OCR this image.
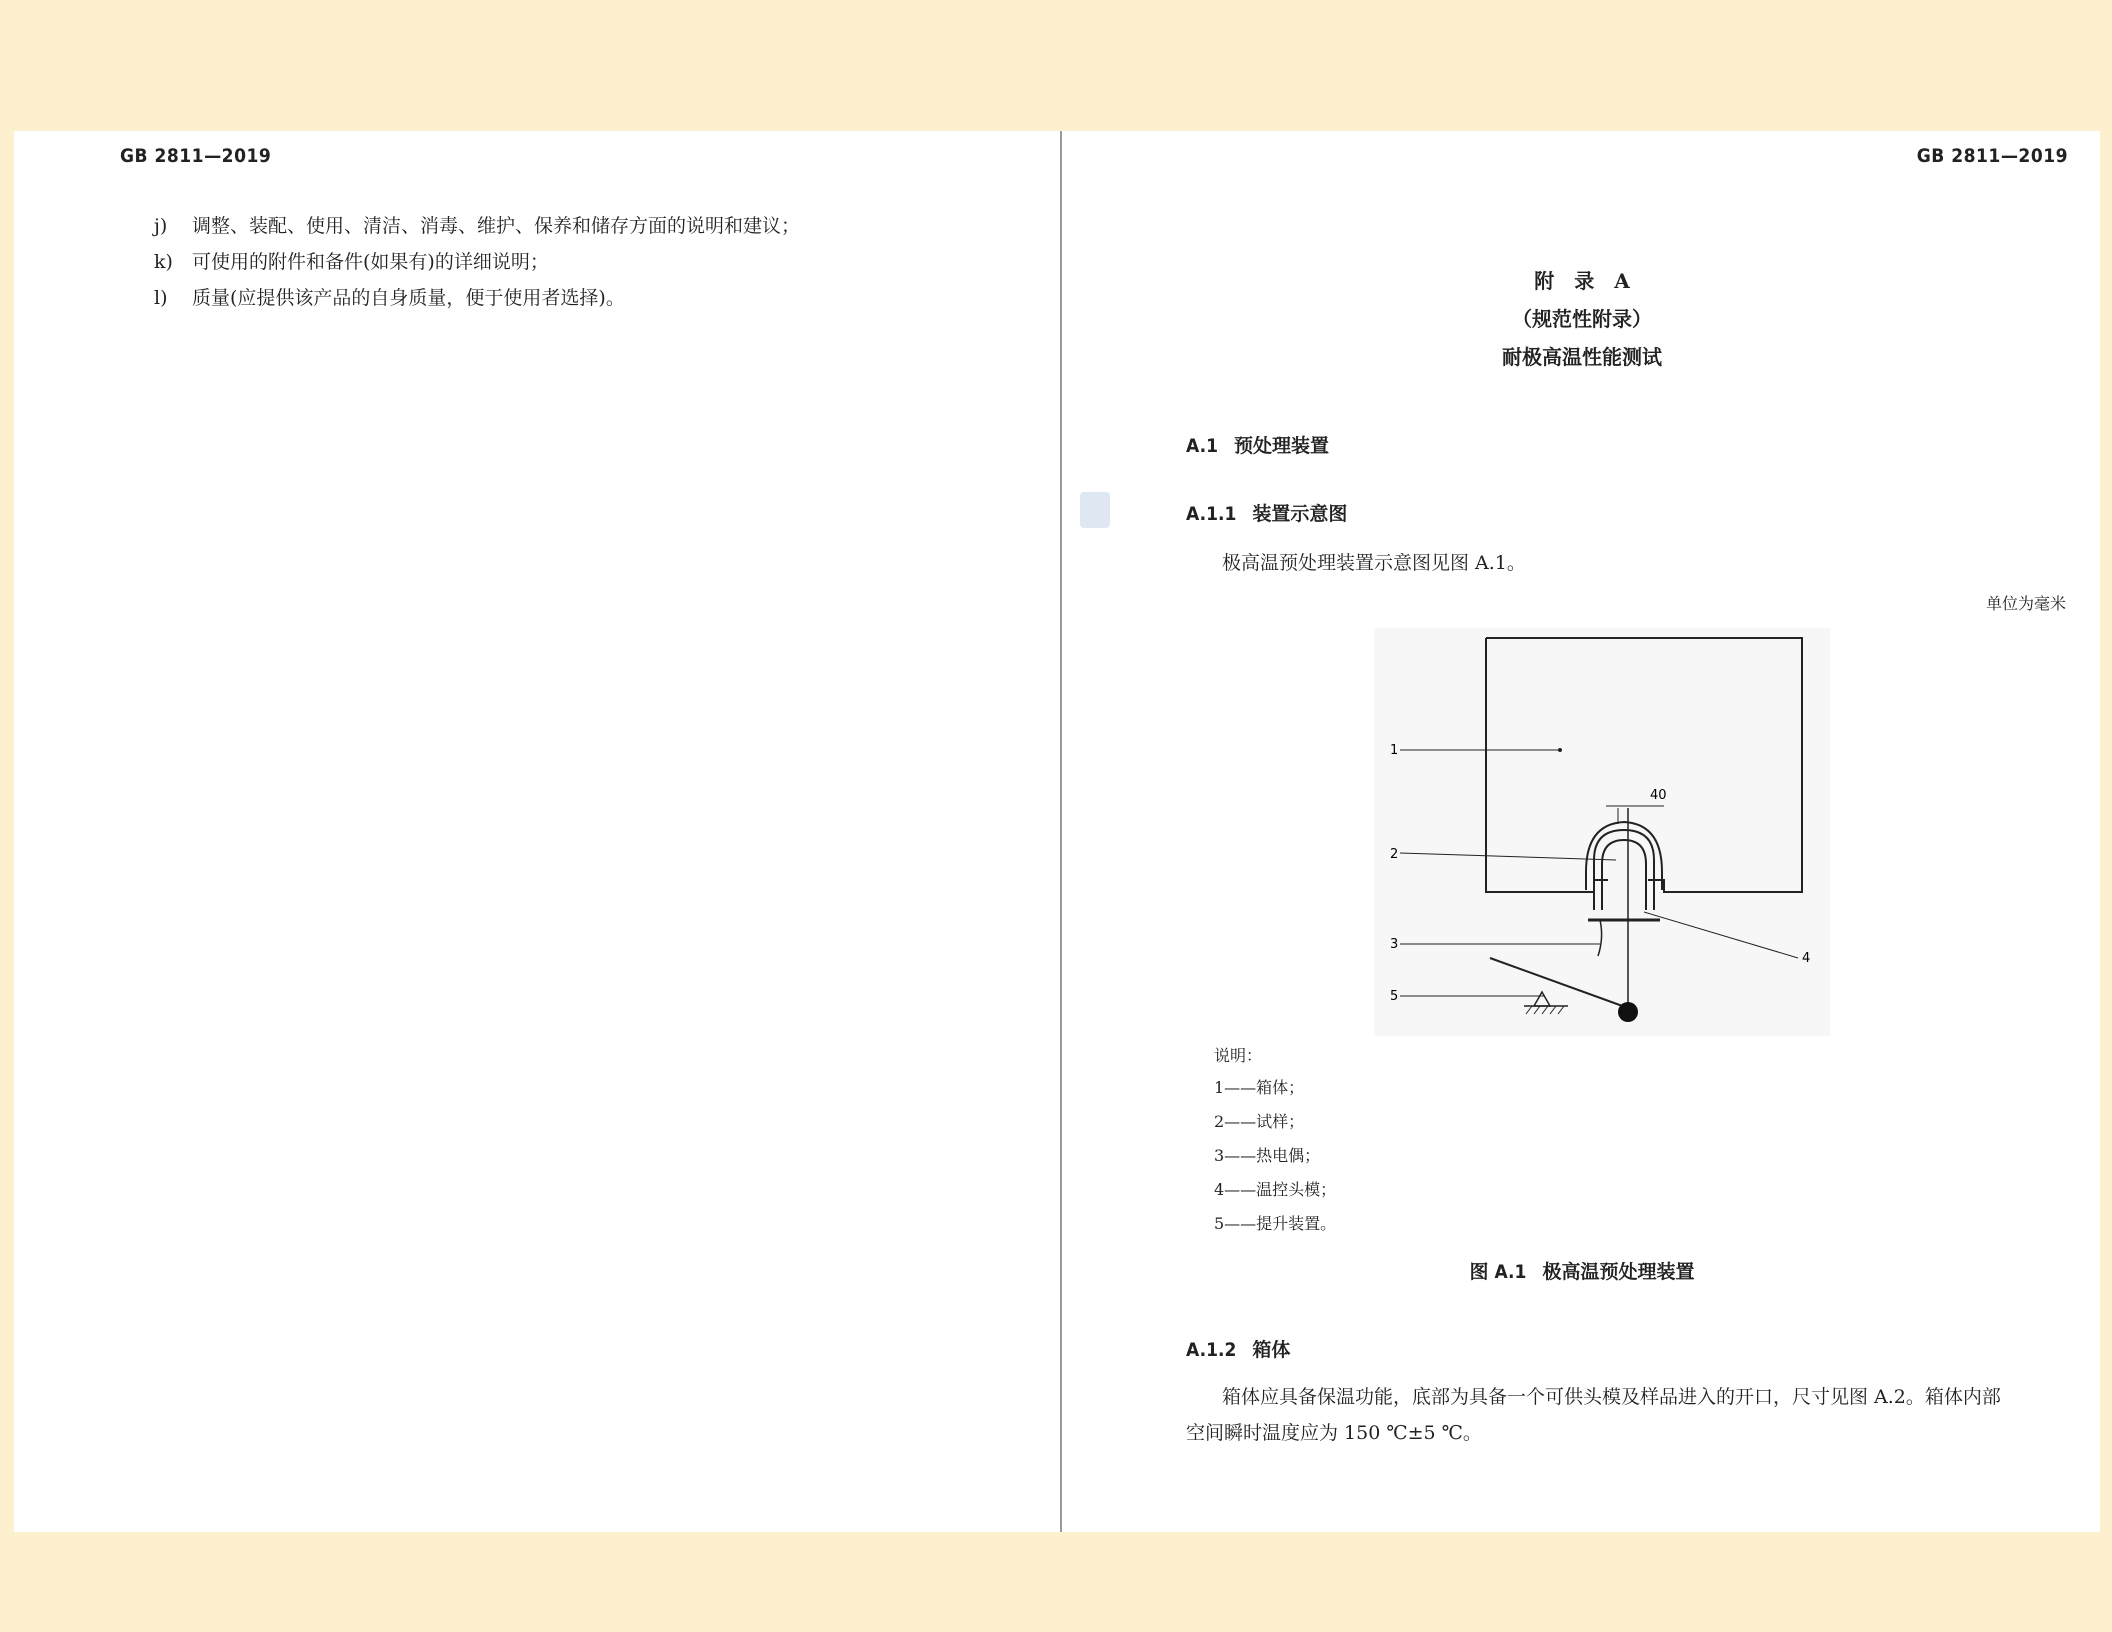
GB 2811—2019
j) 调整、装配、使用、清洁、消毒、维护、保养和储存方面的说明和建议；
k) 可使用的附件和备件(如果有)的详细说明；
l) 质量(应提供该产品的自身质量，便于使用者选择)。
GB 2811—2019
附　录　A
（规范性附录）
耐极高温性能测试
A.1 预处理装置
A.1.1 装置示意图
极高温预处理装置示意图见图 A.1。
单位为毫米
说明：
1——箱体；
2——试样；
3——热电偶；
4——温控头模；
5——提升装置。
图 A.1 极高温预处理装置
A.1.2 箱体
箱体应具备保温功能，底部为具备一个可供头模及样品进入的开口，尺寸见图 A.2。箱体内部空间瞬时温度应为 150 ℃±5 ℃。
40
1
2
3
4
5
